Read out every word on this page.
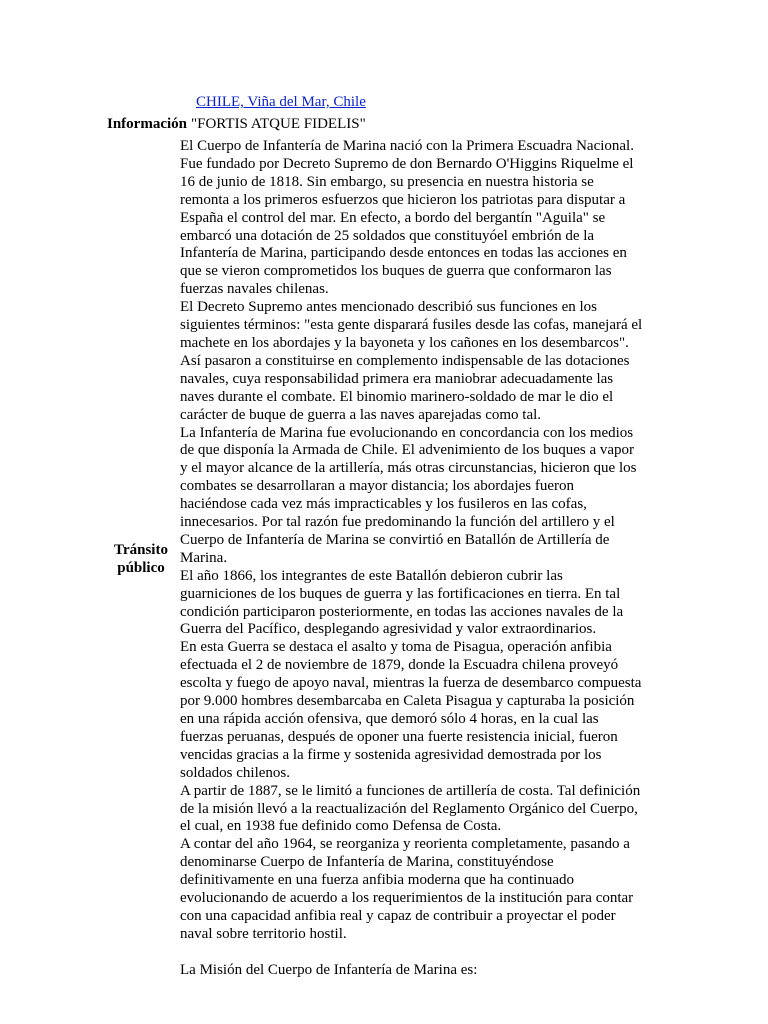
CHILE, Viña del Mar, Chile
Información "FORTIS ATQUE FIDELIS"
Tránsito
público

El Cuerpo de Infantería de Marina nació con la Primera Escuadra Nacional.

Fue fundado por Decreto Supremo de don Bernardo O'Higgins Riquelme el

16 de junio de 1818. Sin embargo, su presencia en nuestra historia se

remonta a los primeros esfuerzos que hicieron los patriotas para disputar a

España el control del mar. En efecto, a bordo del bergantín "Aguila" se

embarcó una dotación de 25 soldados que constituyóel embrión de la

Infantería de Marina, participando desde entonces en todas las acciones en

que se vieron comprometidos los buques de guerra que conformaron las

fuerzas navales chilenas.

El Decreto Supremo antes mencionado describió sus funciones en los

siguientes términos: "esta gente disparará fusiles desde las cofas, manejará el

machete en los abordajes y la bayoneta y los cañones en los desembarcos".

Así pasaron a constituirse en complemento indispensable de las dotaciones

navales, cuya responsabilidad primera era maniobrar adecuadamente las

naves durante el combate. El binomio marinero-soldado de mar le dio el

carácter de buque de guerra a las naves aparejadas como tal.

La Infantería de Marina fue evolucionando en concordancia con los medios

de que disponía la Armada de Chile. El advenimiento de los buques a vapor

y el mayor alcance de la artillería, más otras circunstancias, hicieron que los

combates se desarrollaran a mayor distancia; los abordajes fueron

haciéndose cada vez más impracticables y los fusileros en las cofas,

innecesarios. Por tal razón fue predominando la función del artillero y el

Cuerpo de Infantería de Marina se convirtió en Batallón de Artillería de

Marina.

El año 1866, los integrantes de este Batallón debieron cubrir las

guarniciones de los buques de guerra y las fortificaciones en tierra. En tal

condición participaron posteriormente, en todas las acciones navales de la

Guerra del Pacífico, desplegando agresividad y valor extraordinarios.

En esta Guerra se destaca el asalto y toma de Pisagua, operación anfibia

efectuada el 2 de noviembre de 1879, donde la Escuadra chilena proveyó

escolta y fuego de apoyo naval, mientras la fuerza de desembarco compuesta

por 9.000 hombres desembarcaba en Caleta Pisagua y capturaba la posición

en una rápida acción ofensiva, que demoró sólo 4 horas, en la cual las

fuerzas peruanas, después de oponer una fuerte resistencia inicial, fueron

vencidas gracias a la firme y sostenida agresividad demostrada por los

soldados chilenos.

A partir de 1887, se le limitó a funciones de artillería de costa. Tal definición

de la misión llevó a la reactualización del Reglamento Orgánico del Cuerpo,

el cual, en 1938 fue definido como Defensa de Costa.

A contar del año 1964, se reorganiza y reorienta completamente, pasando a

denominarse Cuerpo de Infantería de Marina, constituyéndose

definitivamente en una fuerza anfibia moderna que ha continuado

evolucionando de acuerdo a los requerimientos de la institución para contar

con una capacidad anfibia real y capaz de contribuir a proyectar el poder

naval sobre territorio hostil.

La Misión del Cuerpo de Infantería de Marina es:
